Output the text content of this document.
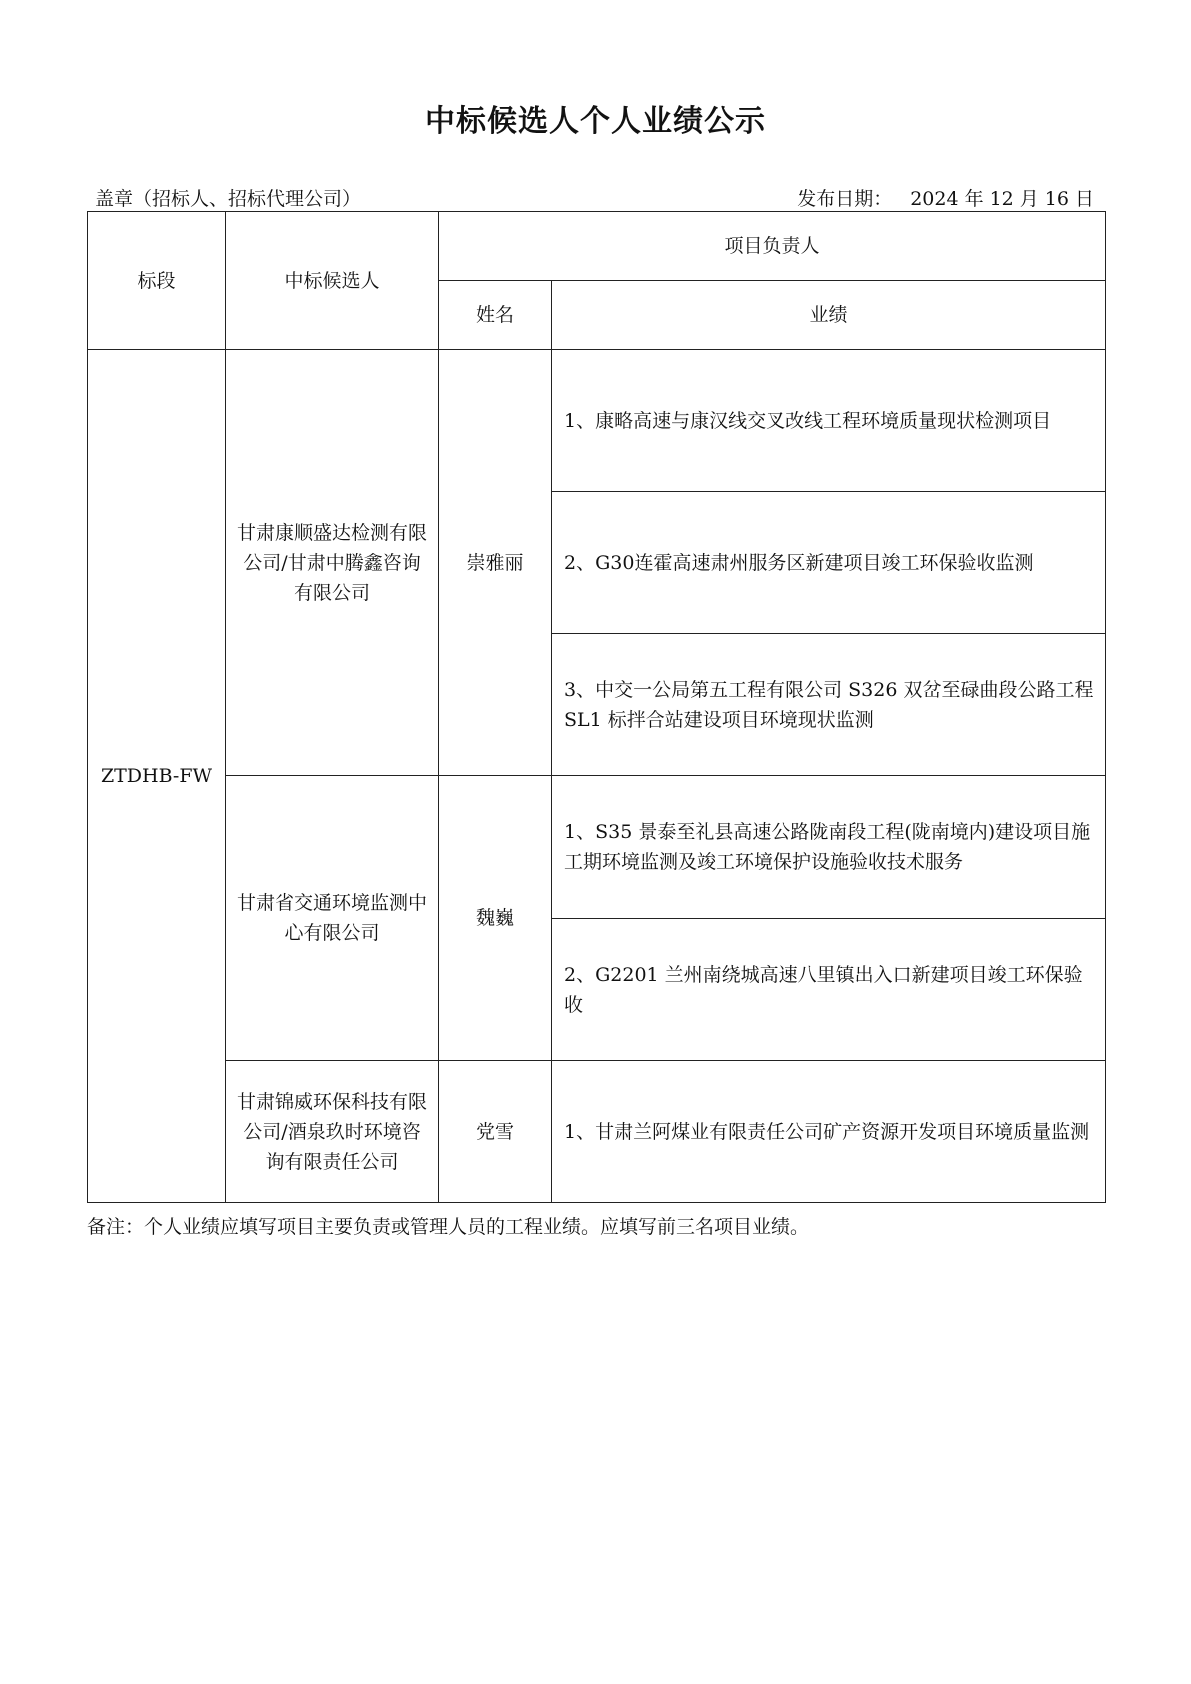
中标候选人个人业绩公示
盖章（招标人、招标代理公司）	发布日期： 2024 年 12 月 16 日
标段	中标候选人	项目负责人	
		姓名	业绩
ZTDHB-FW	甘肃康顺盛达检测有限公司/甘肃中腾鑫咨询有限公司	崇雅丽	1、康略高速与康汉线交叉改线工程环境质量现状检测项目
			2、G30连霍高速肃州服务区新建项目竣工环保验收监测
			3、中交一公局第五工程有限公司 S326 双岔至碌曲段公路工程 SL1 标拌合站建设项目环境现状监测
	甘肃省交通环境监测中心有限公司	魏巍	1、S35 景泰至礼县高速公路陇南段工程(陇南境内)建设项目施工期环境监测及竣工环境保护设施验收技术服务
			2、G2201 兰州南绕城高速八里镇出入口新建项目竣工环保验收
	甘肃锦威环保科技有限公司/酒泉玖时环境咨询有限责任公司	党雪	1、甘肃兰阿煤业有限责任公司矿产资源开发项目环境质量监测
备注：个人业绩应填写项目主要负责或管理人员的工程业绩。应填写前三名项目业绩。
